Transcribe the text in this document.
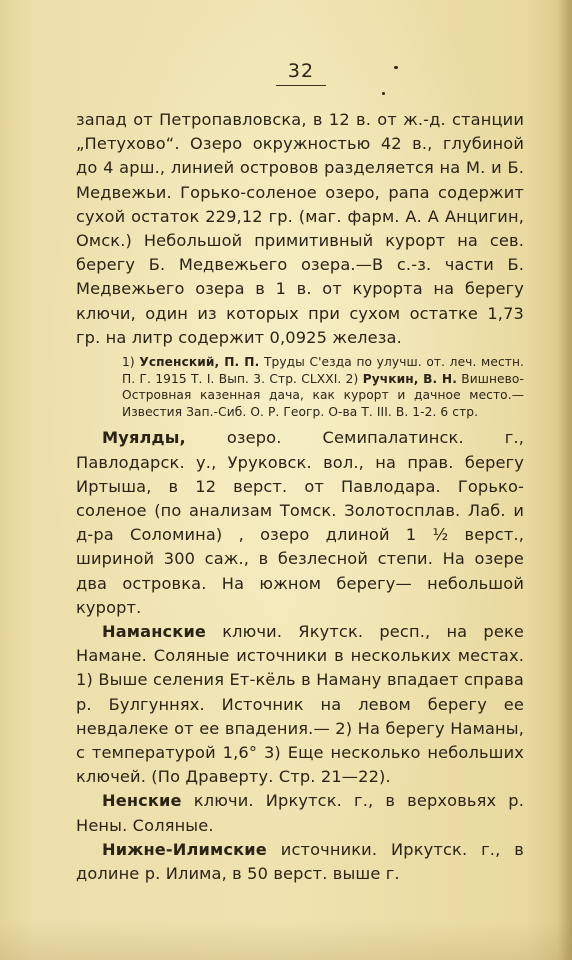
32

запад от Петропавловска, в 12 в. от ж.-д. станции „Петухово“. Озеро окружностью 42 в., глубиной до 4 арш., линией островов разделяется на М. и Б. Медвежьи. Горько-соленое озеро, рапа содержит сухой остаток 229,12 гр. (маг. фарм. А. А Анцигин, Омск.) Небольшой примитивный курорт на сев. берегу Б. Медвежьего озера.—В с.-з. части Б. Медвежьего озера в 1 в. от курорта на берегу ключи, один из которых при сухом остатке 1,73 гр. на литр содержит 0,0925 железа.

1) Успенский, П. П. Труды С'езда по улучш. от. леч. местн. П. Г. 1915 Т. I. Вып. 3. Стр. CLXXI. 2) Ручкин, В. Н. Вишнево-Островная казенная дача, как курорт и дачное место.—Известия Зап.-Сиб. О. Р. Геогр. О-ва Т. III. В. 1-2. 6 стр.

Муялды,	озеро. Семипалатинск. г., Павлодарск. у., Уруковск. вол., на прав. берегу Иртыша, в 12 верст. от Павлодара. Горько-соленое (по анализам Томск. Золотосплав. Лаб. и д-ра Соломина) , озеро длиной 1 ½ верст., шириной 300 саж., в безлесной степи. На озере два островка. На южном берегу— небольшой курорт.

Наманские ключи. Якутск. респ., на реке Намане. Соляные источники в нескольких местах. 1) Выше селения Ет-кёль в Наману впадает справа р. Булгуннях. Источник на левом берегу ее невдалеке от ее впадения.— 2) На берегу Наманы, с температурой 1,6° 3) Еще несколько небольших ключей. (По Драверту. Стр. 21—22).

Ненские ключи. Иркутск. г., в верховьях р. Нены. Соляные.

Нижне-Илимские источники. Иркутск. г., в долине р. Илима, в 50 верст. выше г.
